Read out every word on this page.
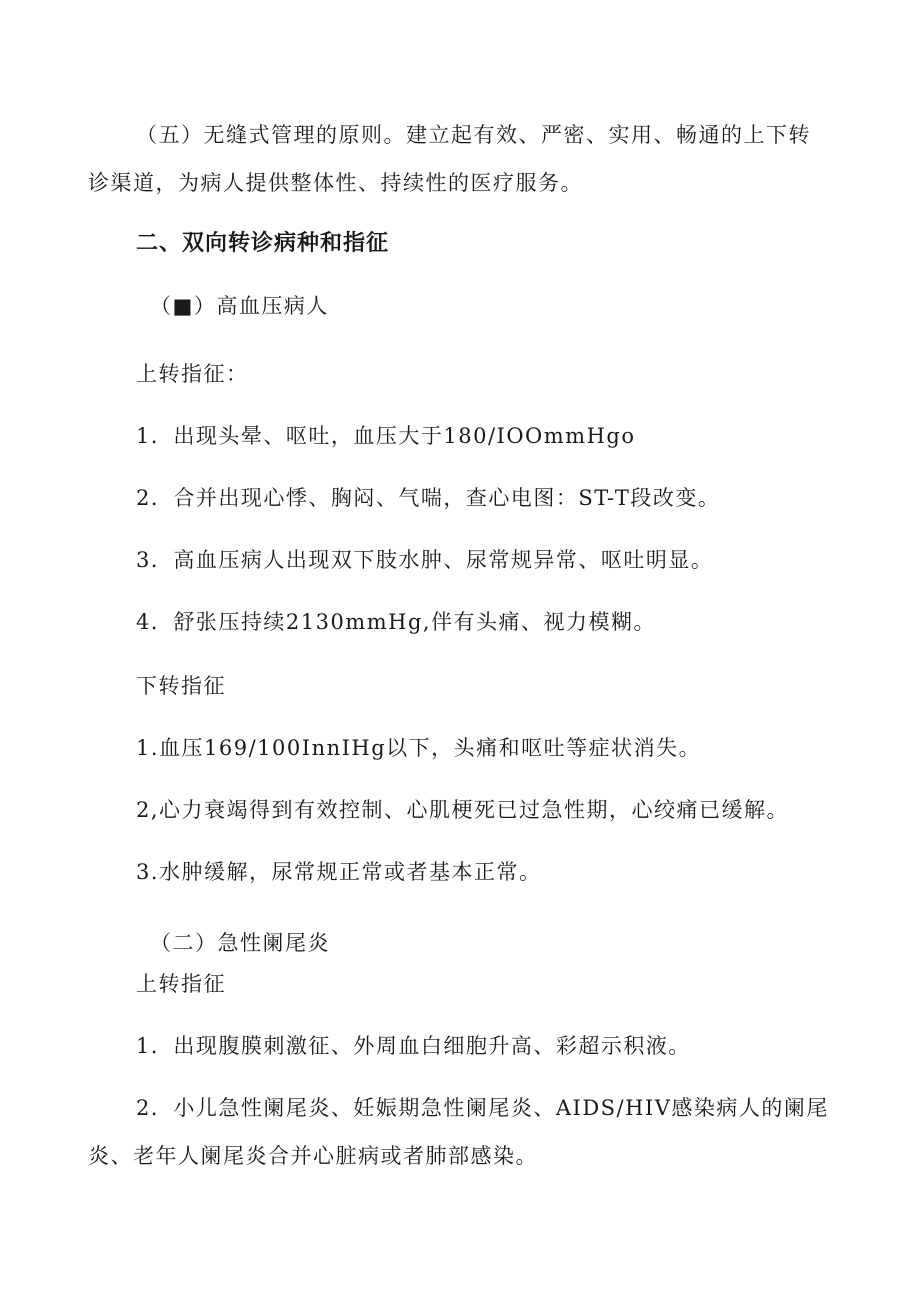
（五）无缝式管理的原则。建立起有效、严密、实用、畅通的上下转
诊渠道，为病人提供整体性、持续性的医疗服务。
二、双向转诊病种和指征
（■）高血压病人
上转指征：
1．出现头晕、呕吐，血压大于180/IOOmmHgo
2．合并出现心悸、胸闷、气喘，查心电图：ST-T段改变。
3．高血压病人出现双下肢水肿、尿常规异常、呕吐明显。
4．舒张压持续2130mmHg,伴有头痛、视力模糊。
下转指征
1.血压169/100InnIHg以下，头痛和呕吐等症状消失。
2,心力衰竭得到有效控制、心肌梗死已过急性期，心绞痛已缓解。
3.水肿缓解，尿常规正常或者基本正常。
（二）急性阑尾炎
上转指征
1．出现腹膜刺激征、外周血白细胞升高、彩超示积液。
2．小儿急性阑尾炎、妊娠期急性阑尾炎、AIDS/HIV感染病人的阑尾
炎、老年人阑尾炎合并心脏病或者肺部感染。
